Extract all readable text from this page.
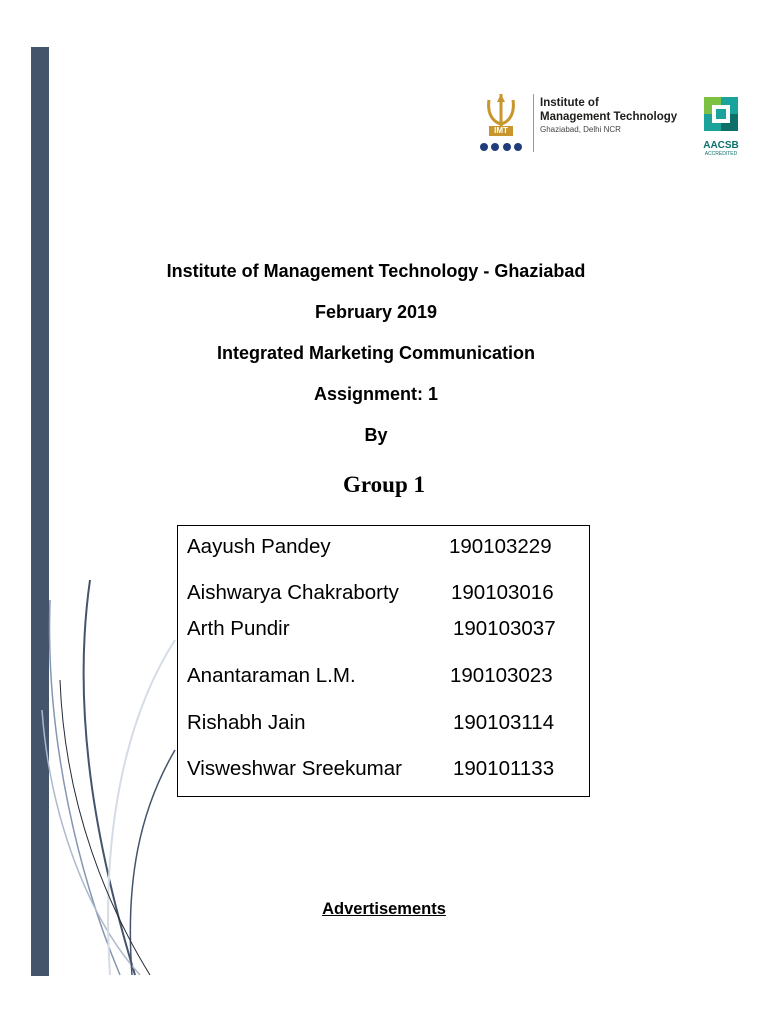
IMT
Institute of
Management Technology
Ghaziabad, Delhi NCR
AACSB
ACCREDITED
Institute of Management Technology - Ghaziabad
February 2019
Integrated Marketing Communication
Assignment: 1
By
Group 1
Aayush Pandey	190103229
Aishwarya Chakraborty	190103016
Arth Pundir	190103037
Anantaraman L.M.	190103023
Rishabh Jain	190103114
Visweshwar Sreekumar 190101133
Advertisements
